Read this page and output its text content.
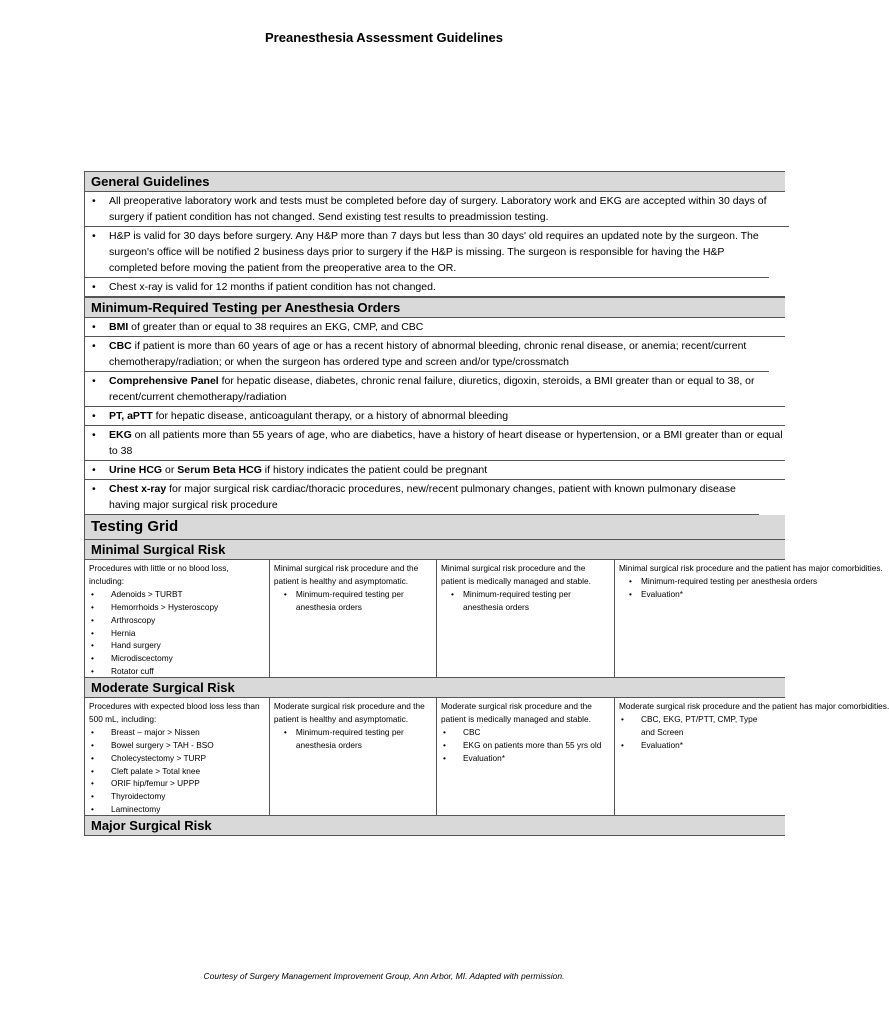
Preanesthesia Assessment Guidelines
General Guidelines
• All preoperative laboratory work and tests must be completed before day of surgery. Laboratory work and EKG are accepted within 30 days of surgery if patient condition has not changed. Send existing test results to preadmission testing.
• H&P is valid for 30 days before surgery. Any H&P more than 7 days but less than 30 days' old requires an updated note by the surgeon. The surgeon's office will be notified 2 business days prior to surgery if the H&P is missing. The surgeon is responsible for having the H&P completed before moving the patient from the preoperative area to the OR.
• Chest x-ray is valid for 12 months if patient condition has not changed.
Minimum-Required Testing per Anesthesia Orders
• BMI of greater than or equal to 38 requires an EKG, CMP, and CBC
• CBC if patient is more than 60 years of age or has a recent history of abnormal bleeding, chronic renal disease, or anemia; recent/current chemotherapy/radiation; or when the surgeon has ordered type and screen and/or type/crossmatch
• Comprehensive Panel for hepatic disease, diabetes, chronic renal failure, diuretics, digoxin, steroids, a BMI greater than or equal to 38, or recent/current chemotherapy/radiation
• PT, aPTT for hepatic disease, anticoagulant therapy, or a history of abnormal bleeding
• EKG on all patients more than 55 years of age, who are diabetics, have a history of heart disease or hypertension, or a BMI greater than or equal to 38
• Urine HCG or Serum Beta HCG if history indicates the patient could be pregnant
• Chest x-ray for major surgical risk cardiac/thoracic procedures, new/recent pulmonary changes, patient with known pulmonary disease having major surgical risk procedure
Testing Grid
Minimal Surgical Risk
Procedures with little or no blood loss, including:
• Adenoids > TURBT
• Hemorrhoids > Hysteroscopy
• Arthroscopy
• Hernia
• Hand surgery
• Microdiscectomy
• Rotator cuff
Minimal surgical risk procedure and the patient is healthy and asymptomatic.
• Minimum-required testing per anesthesia orders
Minimal surgical risk procedure and the patient is medically managed and stable.
• Minimum-required testing per anesthesia orders
Minimal surgical risk procedure and the patient has major comorbidities.
• Minimum-required testing per anesthesia orders
• Evaluation*
Moderate Surgical Risk
Procedures with expected blood loss less than 500 mL, including:
• Breast – major > Nissen
• Bowel surgery > TAH - BSO
• Cholecystectomy > TURP
• Cleft palate > Total knee
• ORIF hip/femur > UPPP
• Thyroidectomy
• Laminectomy
Moderate surgical risk procedure and the patient is healthy and asymptomatic.
• Minimum-required testing per anesthesia orders
Moderate surgical risk procedure and the patient is medically managed and stable.
• CBC
• EKG on patients more than 55 yrs old
• Evaluation*
Moderate surgical risk procedure and the patient has major comorbidities.
• CBC, EKG, PT/PTT, CMP, Type and Screen
• Evaluation*
Major Surgical Risk
Courtesy of Surgery Management Improvement Group, Ann Arbor, MI. Adapted with permission.
